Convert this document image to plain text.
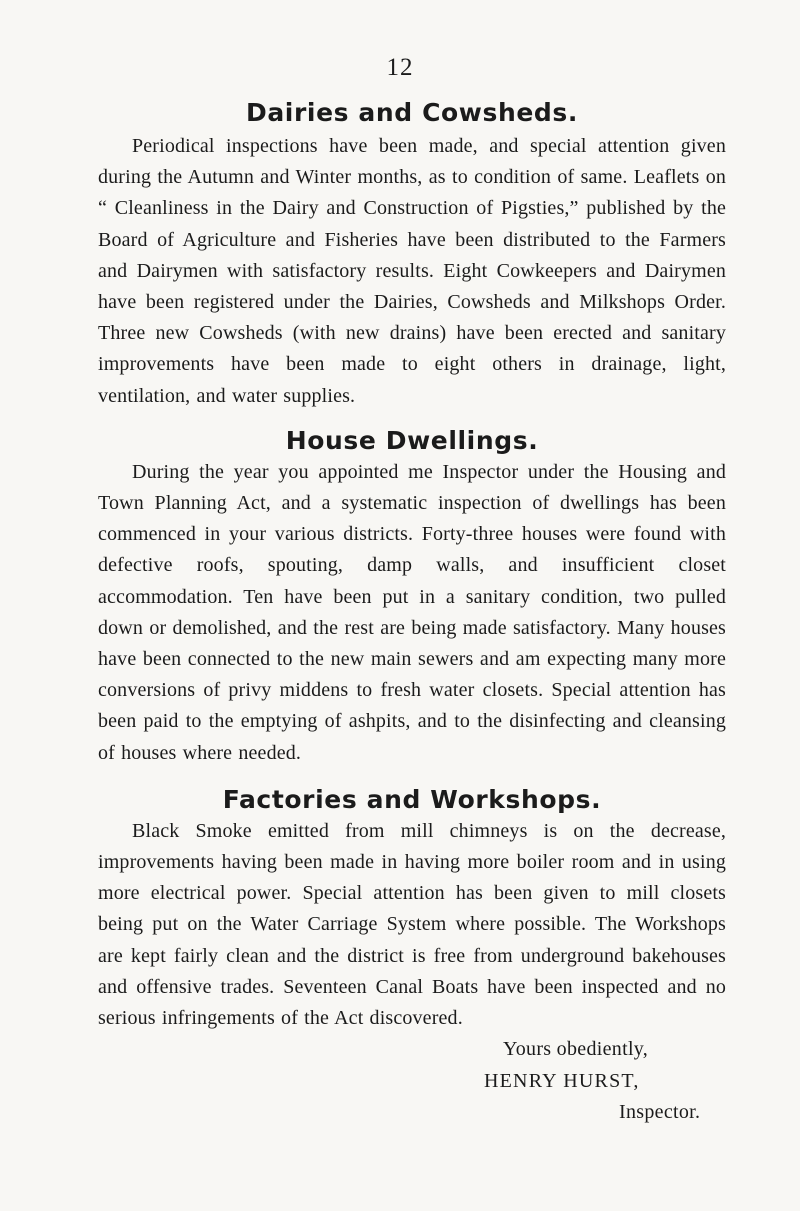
12
Dairies and Cowsheds.

Periodical inspections have been made, and special attention given during the Autumn and Winter months, as to condition of same. Leaflets on “ Cleanliness in the Dairy and Construction of Pigsties,” published by the Board of Agriculture and Fisheries have been distributed to the Farmers and Dairymen with satisfactory results. Eight Cowkeepers and Dairymen have been registered under the Dairies, Cowsheds and Milkshops Order. Three new Cowsheds (with new drains) have been erected and sanitary improvements have been made to eight others in drainage, light, ventilation, and water supplies.

House Dwellings.

During the year you appointed me Inspector under the Housing and Town Planning Act, and a systematic inspection of dwellings has been commenced in your various districts. Forty-three houses were found with defective roofs, spouting, damp walls, and insufficient closet accommodation. Ten have been put in a sanitary condition, two pulled down or demolished, and the rest are being made satisfactory. Many houses have been connected to the new main sewers and am expecting many more conversions of privy middens to fresh water closets. Special attention has been paid to the emptying of ashpits, and to the disinfecting and cleansing of houses where needed.

Factories and Workshops.

Black Smoke emitted from mill chimneys is on the decrease, improvements having been made in having more boiler room and in using more electrical power. Special attention has been given to mill closets being put on the Water Carriage System where possible. The Workshops are kept fairly clean and the district is free from underground bakehouses and offensive trades. Seventeen Canal Boats have been inspected and no serious infringements of the Act discovered.

Yours obediently,
HENRY HURST,
Inspector.
